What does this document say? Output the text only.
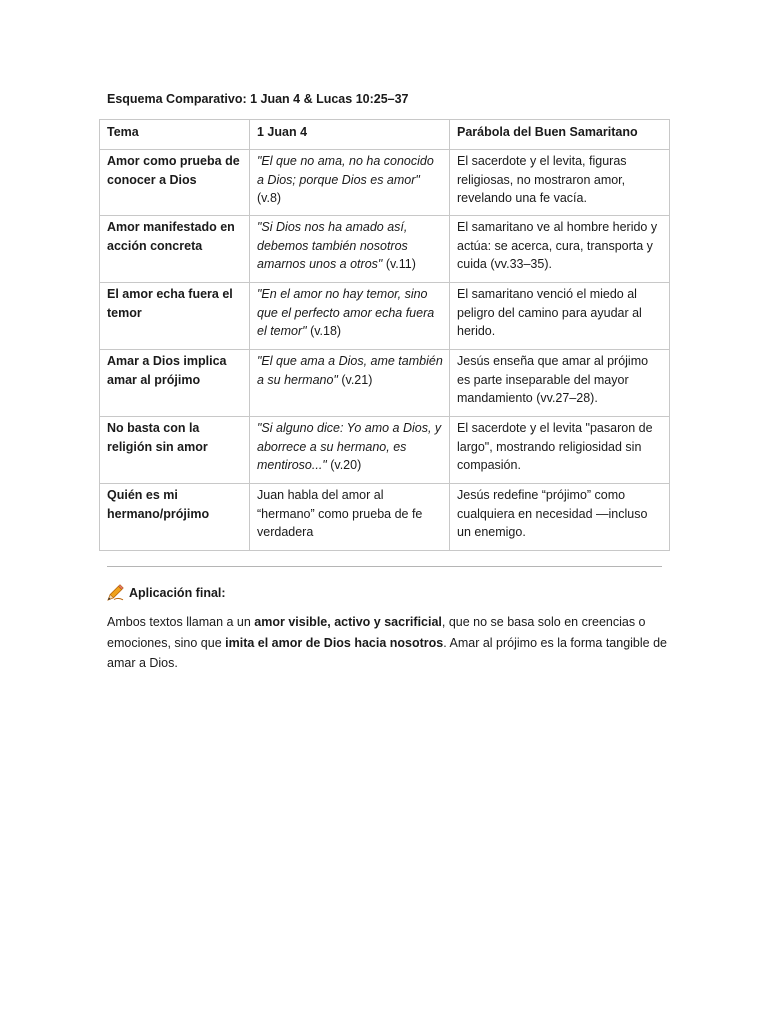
Esquema Comparativo: 1 Juan 4 & Lucas 10:25–37
Tema	1 Juan 4	Parábola del Buen Samaritano
Amor como prueba de conocer a Dios	"El que no ama, no ha conocido a Dios; porque Dios es amor" (v.8)	El sacerdote y el levita, figuras religiosas, no mostraron amor, revelando una fe vacía.
Amor manifestado en acción concreta	"Si Dios nos ha amado así, debemos también nosotros amarnos unos a otros" (v.11)	El samaritano ve al hombre herido y actúa: se acerca, cura, transporta y cuida (vv.33–35).
El amor echa fuera el temor	"En el amor no hay temor, sino que el perfecto amor echa fuera el temor" (v.18)	El samaritano venció el miedo al peligro del camino para ayudar al herido.
Amar a Dios implica amar al prójimo	"El que ama a Dios, ame también a su hermano" (v.21)	Jesús enseña que amar al prójimo es parte inseparable del mayor mandamiento (vv.27–28).
No basta con la religión sin amor	"Si alguno dice: Yo amo a Dios, y aborrece a su hermano, es mentiroso..." (v.20)	El sacerdote y el levita "pasaron de largo", mostrando religiosidad sin compasión.
Quién es mi hermano/prójimo	Juan habla del amor al “hermano” como prueba de fe verdadera	Jesús redefine “prójimo” como cualquiera en necesidad —incluso un enemigo.
Aplicación final:
Ambos textos llaman a un amor visible, activo y sacrificial, que no se basa solo en creencias o emociones, sino que imita el amor de Dios hacia nosotros. Amar al prójimo es la forma tangible de amar a Dios.
